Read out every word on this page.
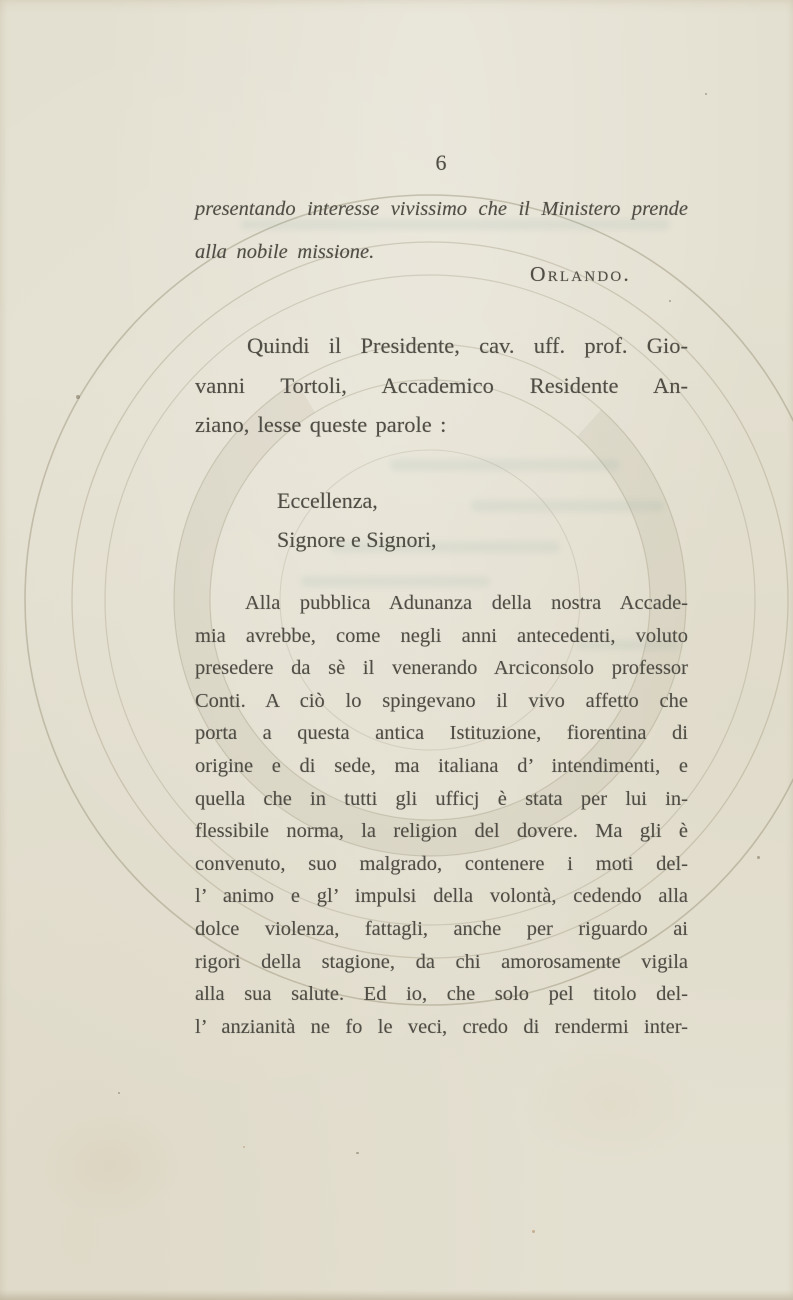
6
presentando interesse vivissimo che il Ministero prende
alla nobile missione.
Orlando.
Quindi il Presidente, cav. uff. prof. Gio-
vanni Tortoli, Accademico Residente An-
ziano, lesse queste parole :
Eccellenza,
Signore e Signori,
Alla pubblica Adunanza della nostra Accade-
mia avrebbe, come negli anni antecedenti, voluto
presedere da sè il venerando Arciconsolo professor
Conti. A ciò lo spingevano il vivo affetto che
porta a questa antica Istituzione, fiorentina di
origine e di sede, ma italiana d’ intendimenti, e
quella che in tutti gli ufficj è stata per lui in-
flessibile norma, la religion del dovere. Ma gli è
convenuto, suo malgrado, contenere i moti del-
l’ animo e gl’ impulsi della volontà, cedendo alla
dolce violenza, fattagli, anche per riguardo ai
rigori della stagione, da chi amorosamente vigila
alla sua salute. Ed io, che solo pel titolo del-
l’ anzianità ne fo le veci, credo di rendermi inter-
